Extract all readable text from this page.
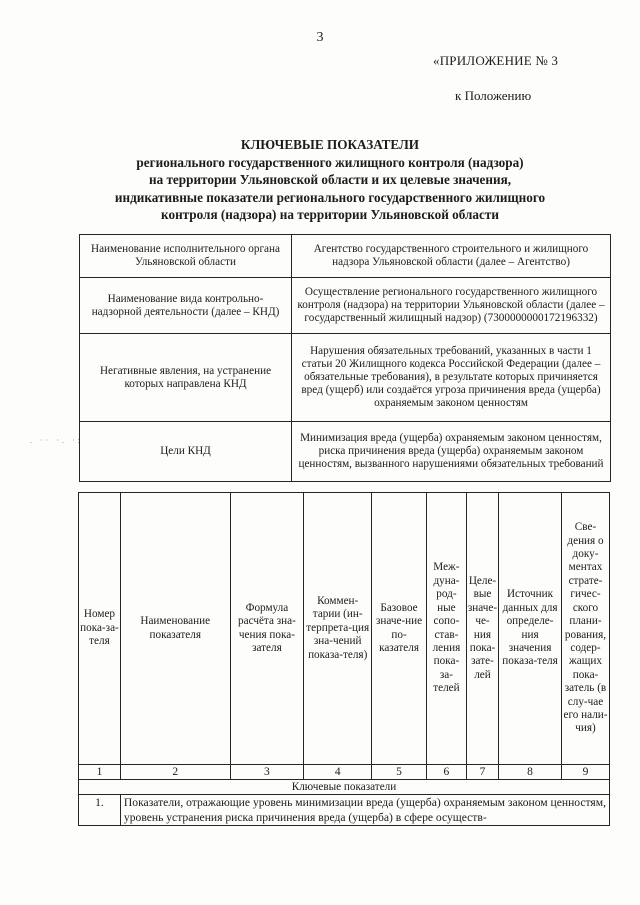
3
«ПРИЛОЖЕНИЕ № 3
к Положению
КЛЮЧЕВЫЕ ПОКАЗАТЕЛИ
регионального государственного жилищного контроля (надзора)
на территории Ульяновской области и их целевые значения,
индикативные показатели регионального государственного жилищного
контроля (надзора) на территории Ульяновской области
. ·· ·. ·:
Наименование исполнительного органа Ульяновской области	Агентство государственного строительного и жилищного надзора Ульяновской области (далее – Агентство)
Наименование вида контрольно-надзорной деятельности (далее – КНД)	Осуществление регионального государственного жилищного контроля (надзора) на территории Ульяновской области (далее – государственный жилищный надзор) (7300000000172196332)
Негативные явления, на устранение которых направлена КНД	Нарушения обязательных требований, указанных в части 1 статьи 20 Жилищного кодекса Российской Федерации (далее – обязательные требования), в результате которых причиняется вред (ущерб) или создаётся угроза причинения вреда (ущерба) охраняемым законом ценностям
Цели КНД	Минимизация вреда (ущерба) охраняемым законом ценностям, риска причинения вреда (ущерба) охраняемым законом ценностям, вызванного нарушениями обязательных требований
Номер пока-за-теля	Наименование показателя	Формула расчёта зна-чения пока-зателя	Коммен-тарии (ин-терпрета-ция зна-чений показа-теля)	Базовое значе-ние по-казателя	Меж-дуна-род-ные сопо-став-ления пока-за-телей	Целе-вые значе-че-ния пока-зате-лей	Источник данных для определе-ния значения показа-теля	Све-дения о доку-ментах страте-гичес-ского плани-рования, содер-жащих пока-затель (в слу-чае его нали-чия)

1	2	3	4	5	6	7	8	9
Ключевые показатели								
1.	Показатели, отражающие уровень минимизации вреда (ущерба) охраняемым законом ценностям, уровень устранения риска причинения вреда (ущерба) в сфере осуществ-							
